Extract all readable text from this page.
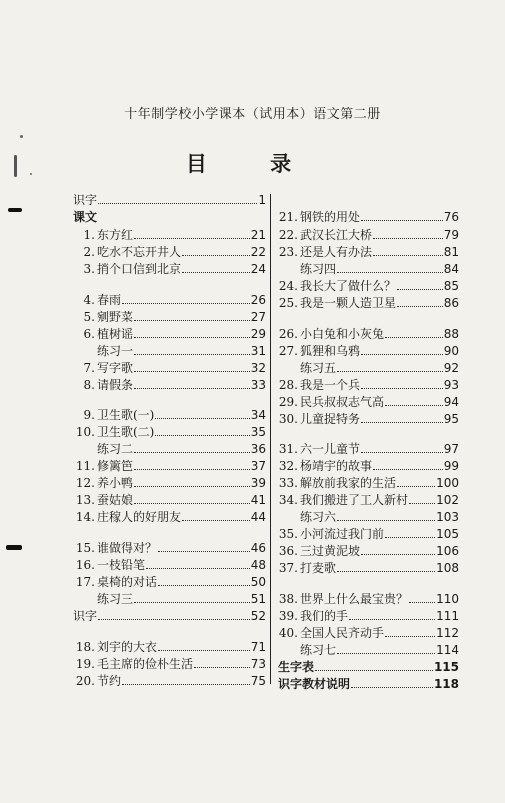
十年制学校小学课本（试用本）语文第二册
目 录
识字	1
课文
1. 东方红	21
2. 吃水不忘开井人	22
3. 捎个口信到北京	24
4. 春雨	26
5. 剜野菜	27
6. 植树谣	29
练习一	31
7. 写字歌	32
8. 请假条	33
9. 卫生歌(一)	34
10. 卫生歌(二)	35
练习二	36
11. 修篱笆	37
12. 养小鸭	39
13. 蚕姑娘	41
14. 庄稼人的好朋友	44
15. 谁做得对？	46
16. 一枝铅笔	48
17. 桌椅的对话	50
练习三	51
识字	52
18. 刘宇的大衣	71
19. 毛主席的俭朴生活	73
20. 节约	75
21. 钢铁的用处	76
22. 武汉长江大桥	79
23. 还是人有办法	81
练习四	84
24. 我长大了做什么？	85
25. 我是一颗人造卫星	86
26. 小白兔和小灰兔	88
27. 狐狸和乌鸦	90
练习五	92
28. 我是一个兵	93
29. 民兵叔叔志气高	94
30. 儿童捉特务	95
31. 六一儿童节	97
32. 杨靖宇的故事	99
33. 解放前我家的生活	100
34. 我们搬进了工人新村 102
练习六	103
35. 小河流过我门前	105
36. 三过黄泥坡	106
37. 打麦歌	108
38. 世界上什么最宝贵？ 110
39. 我们的手	111
40. 全国人民齐动手	112
练习七	114
生字表	115
识字教材说明	118
